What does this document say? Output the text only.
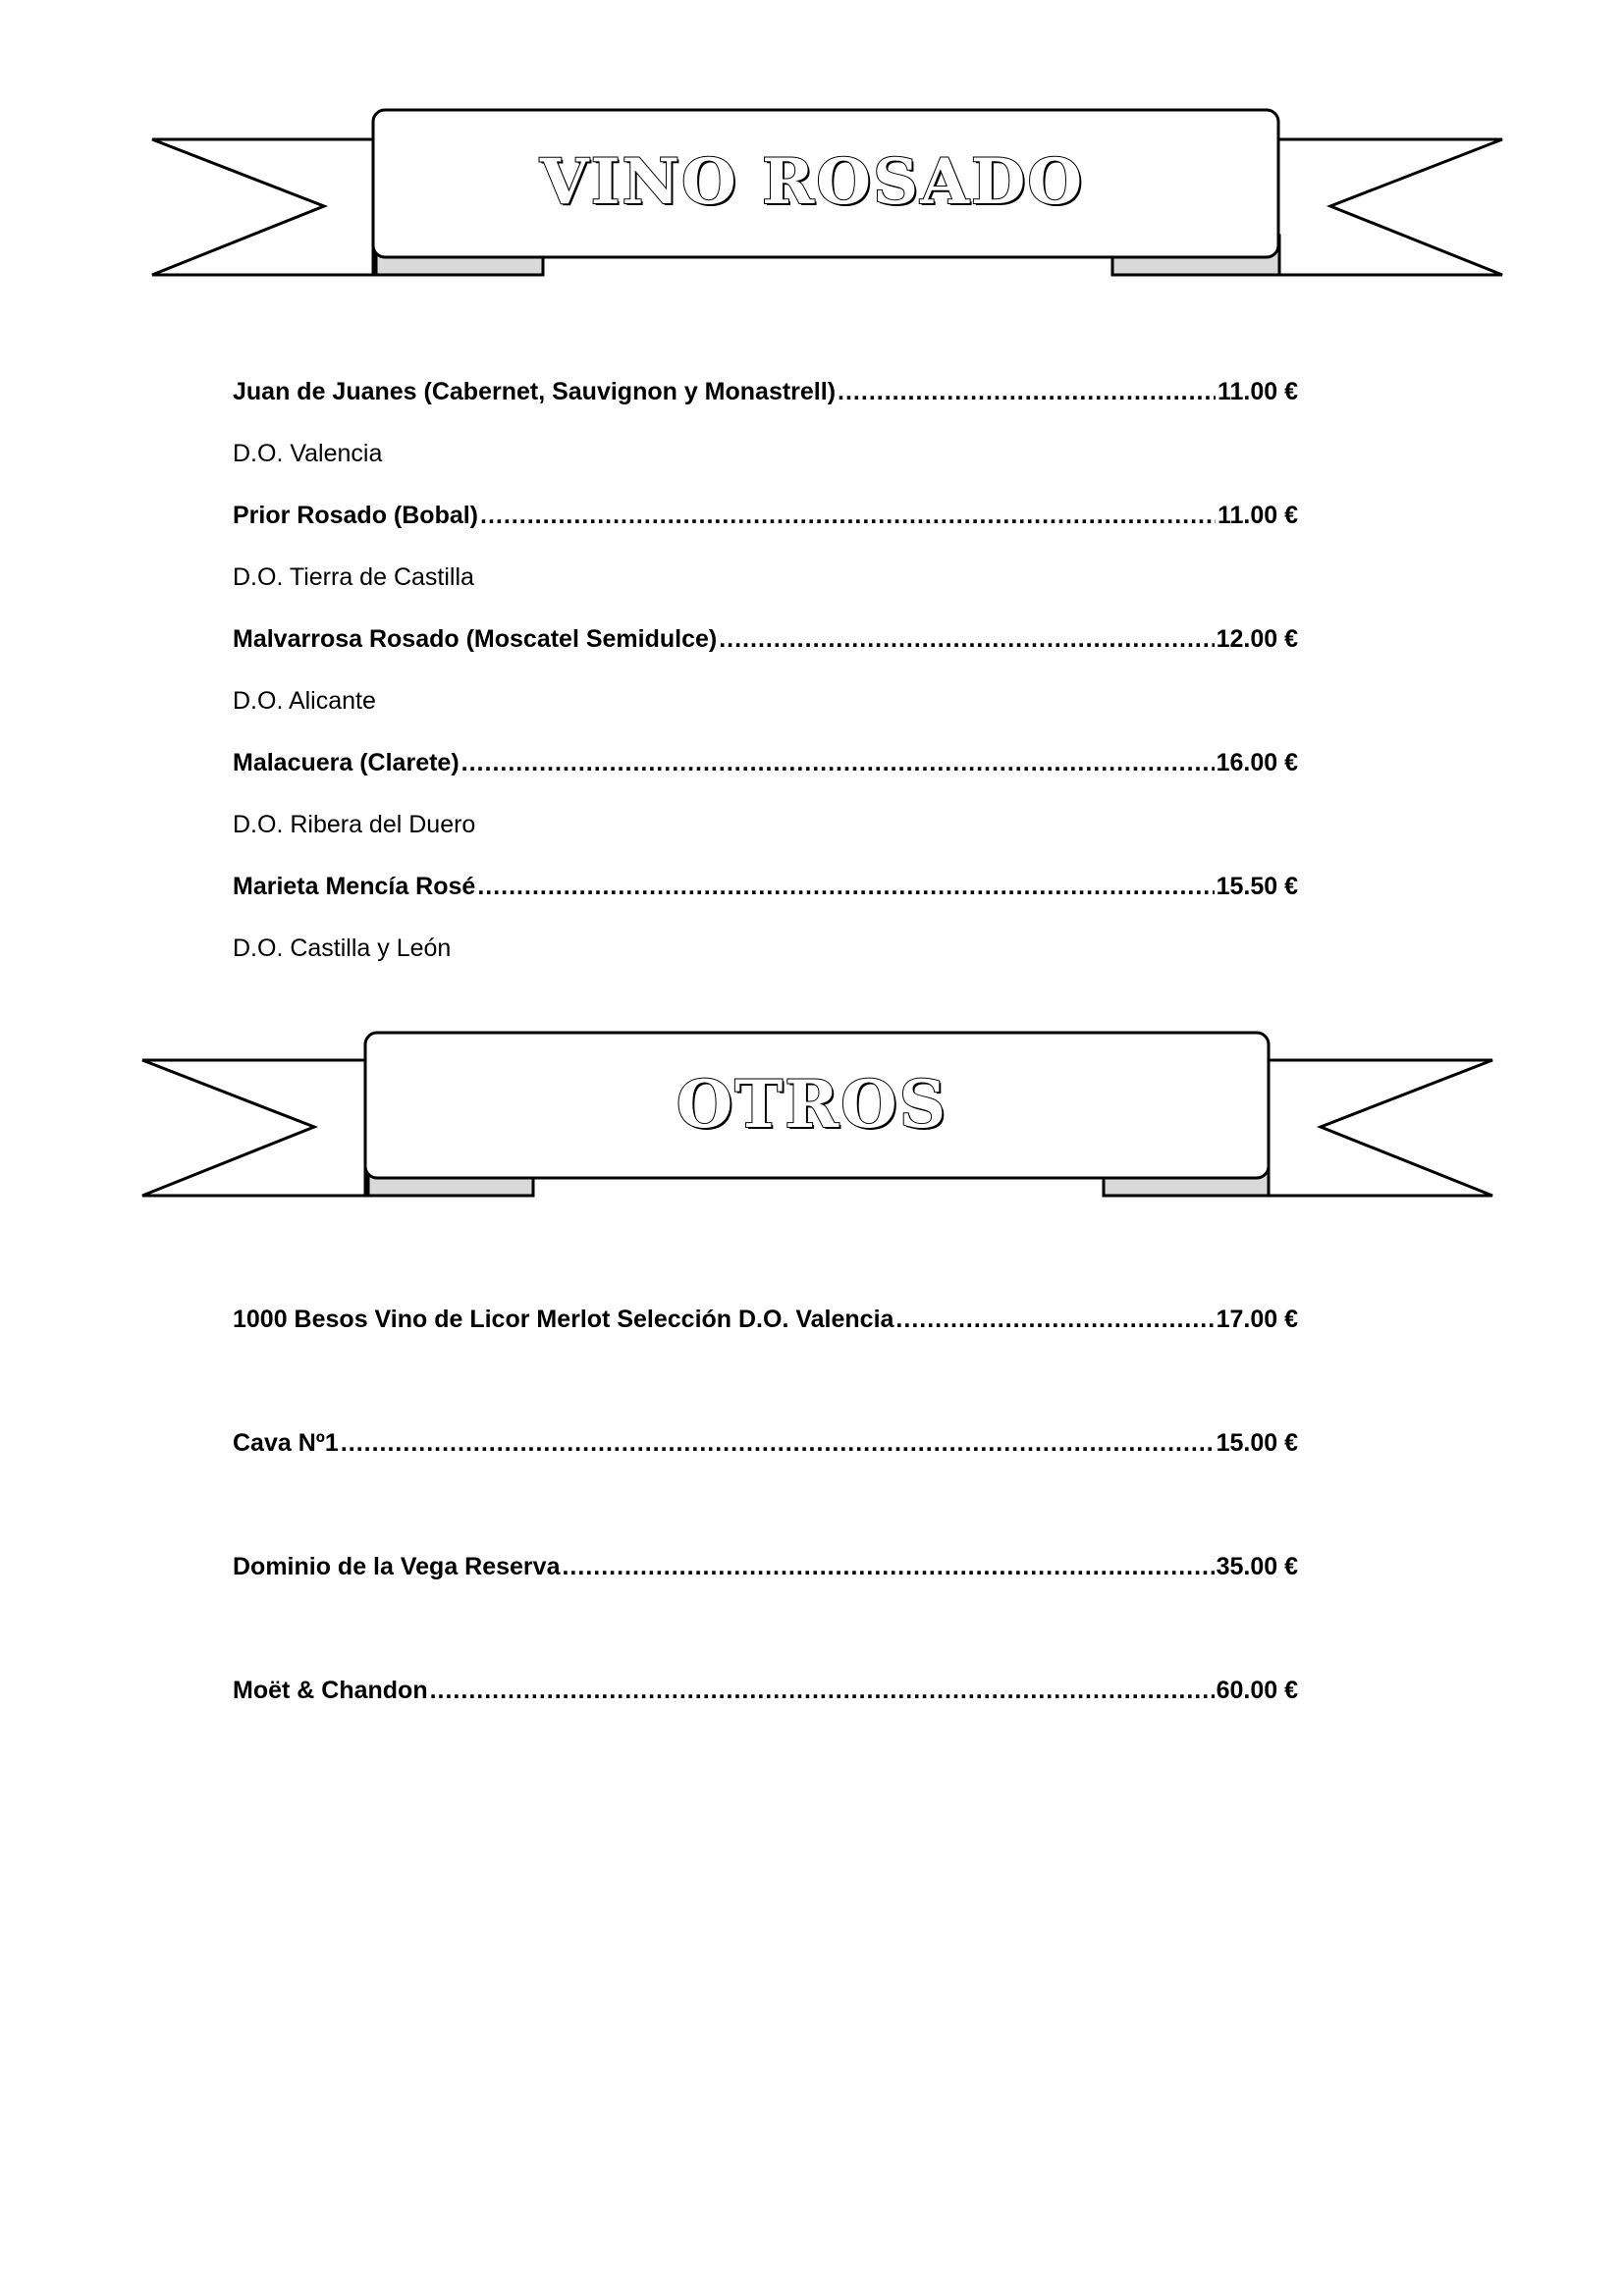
VINO ROSADO
Juan de Juanes (Cabernet, Sauvignon y Monastrell) .....	11.00 €
D.O. Valencia
Prior Rosado (Bobal) .....	11.00 €
D.O. Tierra de Castilla
Malvarrosa Rosado (Moscatel Semidulce) .....	12.00 €
D.O. Alicante
Malacuera (Clarete) .....	16.00 €
D.O. Ribera del Duero
Marieta Mencía Rosé .....	15.50 €
D.O. Castilla y León
OTROS
1000 Besos Vino de Licor Merlot Selección D.O. Valencia .....	17.00 €
Cava Nº1 .....	15.00 €
Dominio de la Vega Reserva .....	35.00 €
Moët & Chandon .....	60.00 €
